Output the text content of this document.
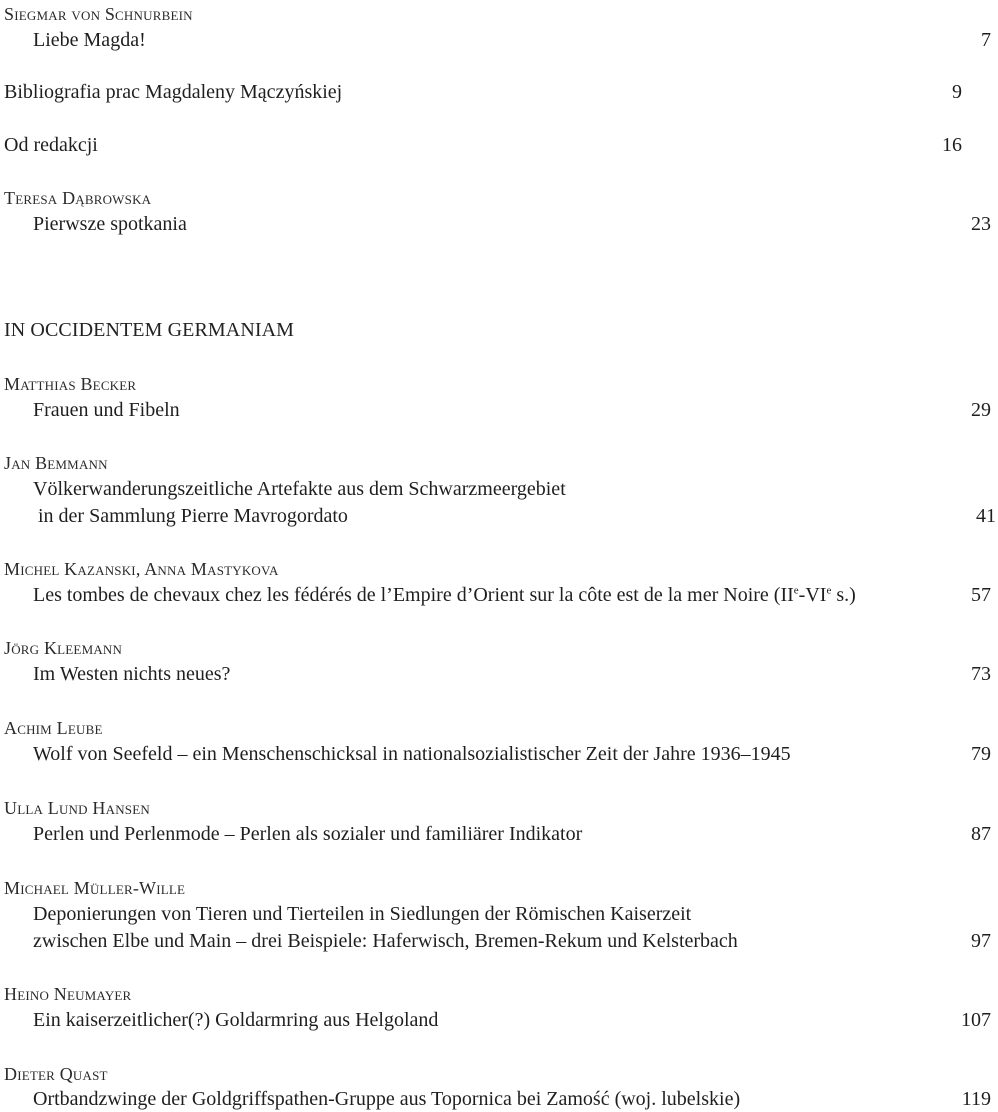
Siegmar von Schnurbein
Liebe Magda!	7
Bibliografia prac Magdaleny Mączyńskiej	9
Od redakcji	16
Teresa Dąbrowska
Pierwsze spotkania	23
IN OCCIDENTEM GERMANIAM
Matthias Becker
Frauen und Fibeln	29
Jan Bemmann
Völkerwanderungszeitliche Artefakte aus dem Schwarzmeergebiet
in der Sammlung Pierre Mavrogordato	41
Michel Kazanski, Anna Mastykova
Les tombes de chevaux chez les fédérés de l’Empire d’Orient sur la côte est de la mer Noire (IIe-VIe s.)	57
Jörg Kleemann
Im Westen nichts neues?	73
Achim Leube
Wolf von Seefeld – ein Menschenschicksal in nationalsozialistischer Zeit der Jahre 1936–1945	79
Ulla Lund Hansen
Perlen und Perlenmode – Perlen als sozialer und familiärer Indikator	87
Michael Müller-Wille
Deponierungen von Tieren und Tierteilen in Siedlungen der Römischen Kaiserzeit
zwischen Elbe und Main – drei Beispiele: Haferwisch, Bremen-Rekum und Kelsterbach	97
Heino Neumayer
Ein kaiserzeitlicher(?) Goldarmring aus Helgoland	107
Dieter Quast
Ortbandzwinge der Goldgriffspathen-Gruppe aus Topornica bei Zamość (woj. lubelskie)	119
